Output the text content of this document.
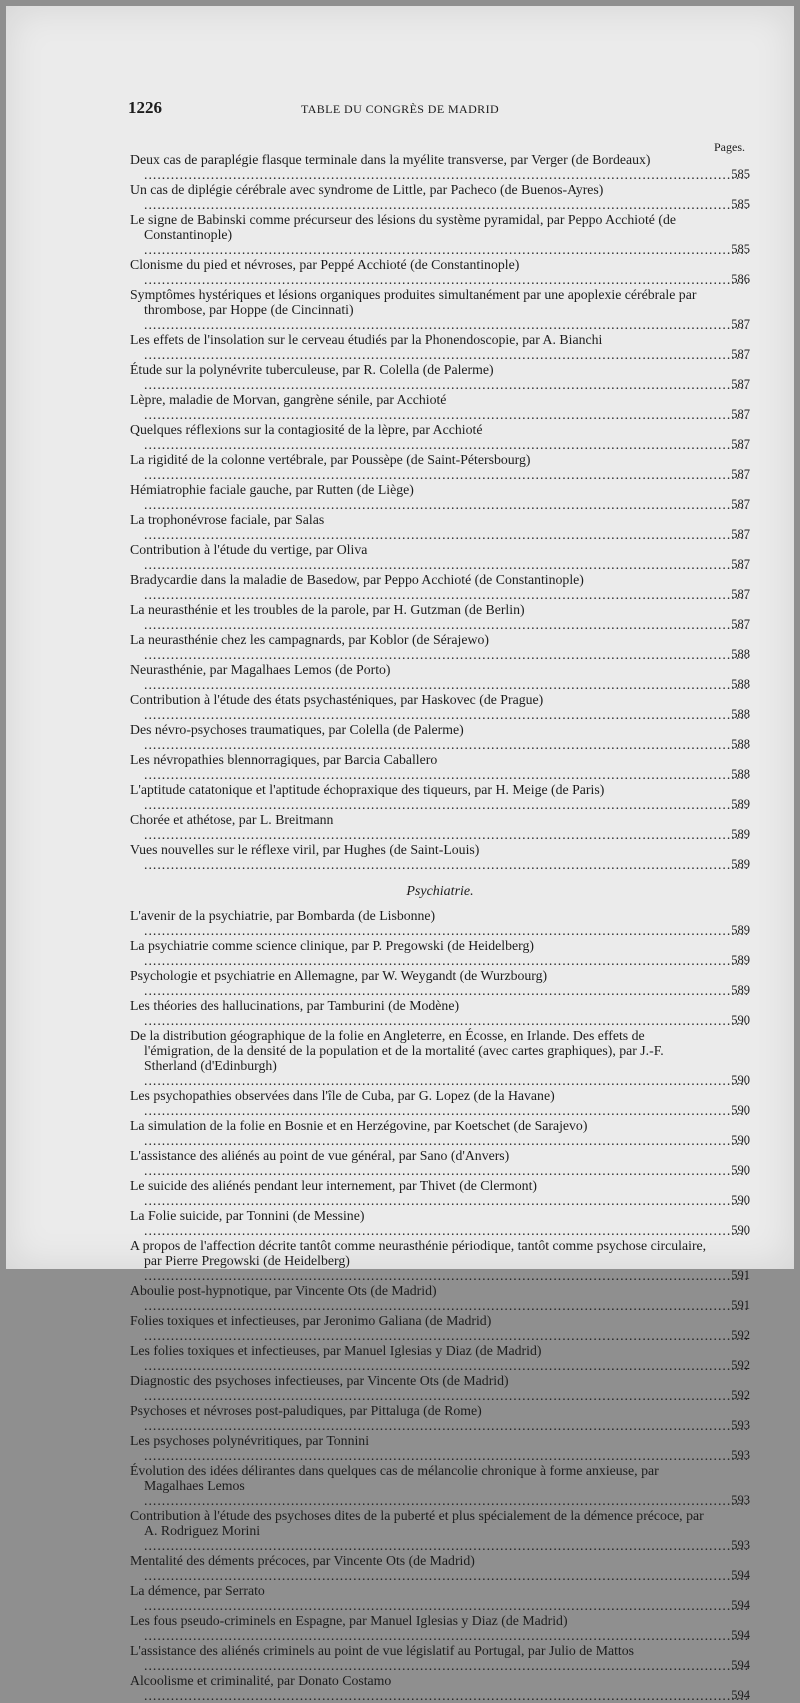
1226	TABLE DU CONGRÈS DE MADRID
Pages.
Deux cas de paraplégie flasque terminale dans la myélite transverse, par Verger (de Bordeaux) .....
585
Un cas de diplégie cérébrale avec syndrome de Little, par Pacheco (de Buenos-Ayres) .....
585
Le signe de Babinski comme précurseur des lésions du système pyramidal, par Peppo Acchioté (de Constantinople) .....
585
Clonisme du pied et névroses, par Peppé Acchioté (de Constantinople) .....
586
Symptômes hystériques et lésions organiques produites simultanément par une apoplexie cérébrale par thrombose, par Hoppe (de Cincinnati) .....
587
Les effets de l'insolation sur le cerveau étudiés par la Phonendoscopie, par A. Bianchi .....
587
Étude sur la polynévrite tuberculeuse, par R. Colella (de Palerme) .....
587
Lèpre, maladie de Morvan, gangrène sénile, par Acchioté .....
587
Quelques réflexions sur la contagiosité de la lèpre, par Acchioté .....
587
La rigidité de la colonne vertébrale, par Poussèpe (de Saint-Pétersbourg) .....
587
Hémiatrophie faciale gauche, par Rutten (de Liège) .....
587
La trophonévrose faciale, par Salas .....
587
Contribution à l'étude du vertige, par Oliva .....
587
Bradycardie dans la maladie de Basedow, par Peppo Acchioté (de Constantinople) .....
587
La neurasthénie et les troubles de la parole, par H. Gutzman (de Berlin) .....
587
La neurasthénie chez les campagnards, par Koblor (de Sérajewo) .....
588
Neurasthénie, par Magalhaes Lemos (de Porto) .....
588
Contribution à l'étude des états psychasténiques, par Haskovec (de Prague) .....
588
Des névro-psychoses traumatiques, par Colella (de Palerme) .....
588
Les névropathies blennorragiques, par Barcia Caballero .....
588
L'aptitude catatonique et l'aptitude échopraxique des tiqueurs, par H. Meige (de Paris) .....
589
Chorée et athétose, par L. Breitmann .....
589
Vues nouvelles sur le réflexe viril, par Hughes (de Saint-Louis) .....
589
Psychiatrie.
L'avenir de la psychiatrie, par Bombarda (de Lisbonne) .....
589
La psychiatrie comme science clinique, par P. Pregowski (de Heidelberg) .....
589
Psychologie et psychiatrie en Allemagne, par W. Weygandt (de Wurzbourg) .....
589
Les théories des hallucinations, par Tamburini (de Modène) .....
590
De la distribution géographique de la folie en Angleterre, en Écosse, en Irlande. Des effets de l'émigration, de la densité de la population et de la mortalité (avec cartes graphiques), par J.-F. Stherland (d'Edinburgh) .....
590
Les psychopathies observées dans l'île de Cuba, par G. Lopez (de la Havane) .....
590
La simulation de la folie en Bosnie et en Herzégovine, par Koetschet (de Sarajevo) .....
590
L'assistance des aliénés au point de vue général, par Sano (d'Anvers) .....
590
Le suicide des aliénés pendant leur internement, par Thivet (de Clermont) .....
590
La Folie suicide, par Tonnini (de Messine) .....
590
A propos de l'affection décrite tantôt comme neurasthénie périodique, tantôt comme psychose circulaire, par Pierre Pregowski (de Heidelberg) .....
591
Aboulie post-hypnotique, par Vincente Ots (de Madrid) .....
591
Folies toxiques et infectieuses, par Jeronimo Galiana (de Madrid) .....
592
Les folies toxiques et infectieuses, par Manuel Iglesias y Diaz (de Madrid) .....
592
Diagnostic des psychoses infectieuses, par Vincente Ots (de Madrid) .....
592
Psychoses et névroses post-paludiques, par Pittaluga (de Rome) .....
593
Les psychoses polynévritiques, par Tonnini .....
593
Évolution des idées délirantes dans quelques cas de mélancolie chronique à forme anxieuse, par Magalhaes Lemos .....
593
Contribution à l'étude des psychoses dites de la puberté et plus spécialement de la démence précoce, par A. Rodriguez Morini .....
593
Mentalité des déments précoces, par Vincente Ots (de Madrid) .....
594
La démence, par Serrato .....
594
Les fous pseudo-criminels en Espagne, par Manuel Iglesias y Diaz (de Madrid) .....
594
L'assistance des aliénés criminels au point de vue législatif au Portugal, par Julio de Mattos .....
594
Alcoolisme et criminalité, par Donato Costamo .....
594
